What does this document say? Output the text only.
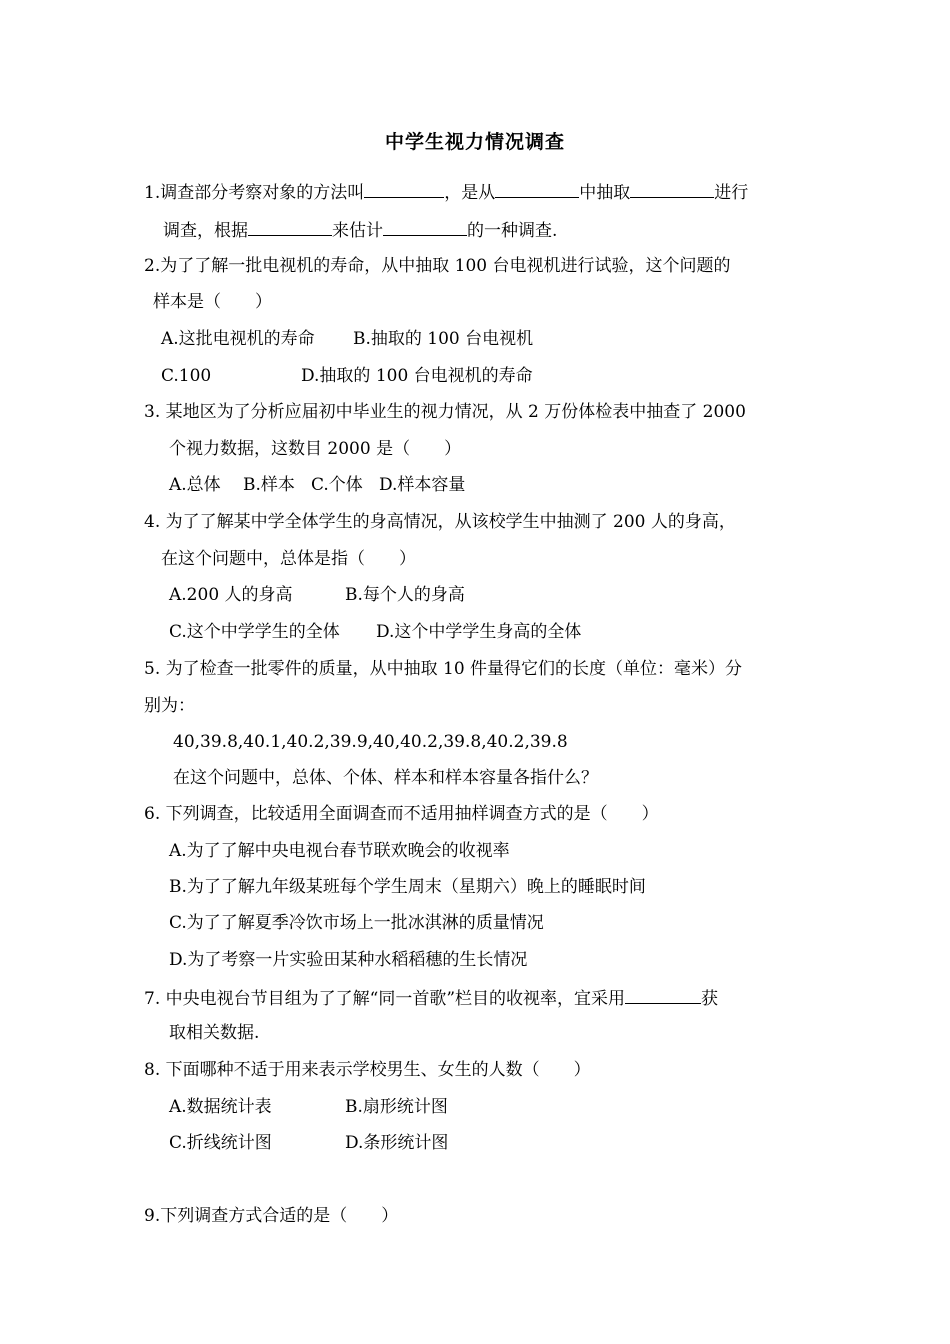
中学生视力情况调查
1.调查部分考察对象的方法叫	，是从	中抽取	进行
调查，根据	来估计	的一种调查.
2.为了了解一批电视机的寿命，从中抽取 100 台电视机进行试验，这个问题的
样本是（　　）
A.这批电视机的寿命 B.抽取的 100 台电视机
C.100	D.抽取的 100 台电视机的寿命
3. 某地区为了分析应届初中毕业生的视力情况，从 2 万份体检表中抽查了 2000
个视力数据，这数目 2000 是（　　）
A.总体 B.样本 C.个体 D.样本容量
4. 为了了解某中学全体学生的身高情况，从该校学生中抽测了 200 人的身高，
在这个问题中，总体是指（　　）
A.200 人的身高	B.每个人的身高
C.这个中学学生的全体 D.这个中学学生身高的全体
5. 为了检查一批零件的质量，从中抽取 10 件量得它们的长度（单位：毫米）分
别为：
40,39.8,40.1,40.2,39.9,40,40.2,39.8,40.2,39.8
在这个问题中，总体、个体、样本和样本容量各指什么？
6. 下列调查，比较适用全面调查而不适用抽样调查方式的是（　　）
A.为了了解中央电视台春节联欢晚会的收视率
B.为了了解九年级某班每个学生周末（星期六）晚上的睡眠时间
C.为了了解夏季冷饮市场上一批冰淇淋的质量情况
D.为了考察一片实验田某种水稻稻穗的生长情况
7. 中央电视台节目组为了了解“同一首歌”栏目的收视率，宜采用	获
取相关数据.
8. 下面哪种不适于用来表示学校男生、女生的人数（　　）
A.数据统计表	B.扇形统计图
C.折线统计图	D.条形统计图
9.下列调查方式合适的是（　　）
